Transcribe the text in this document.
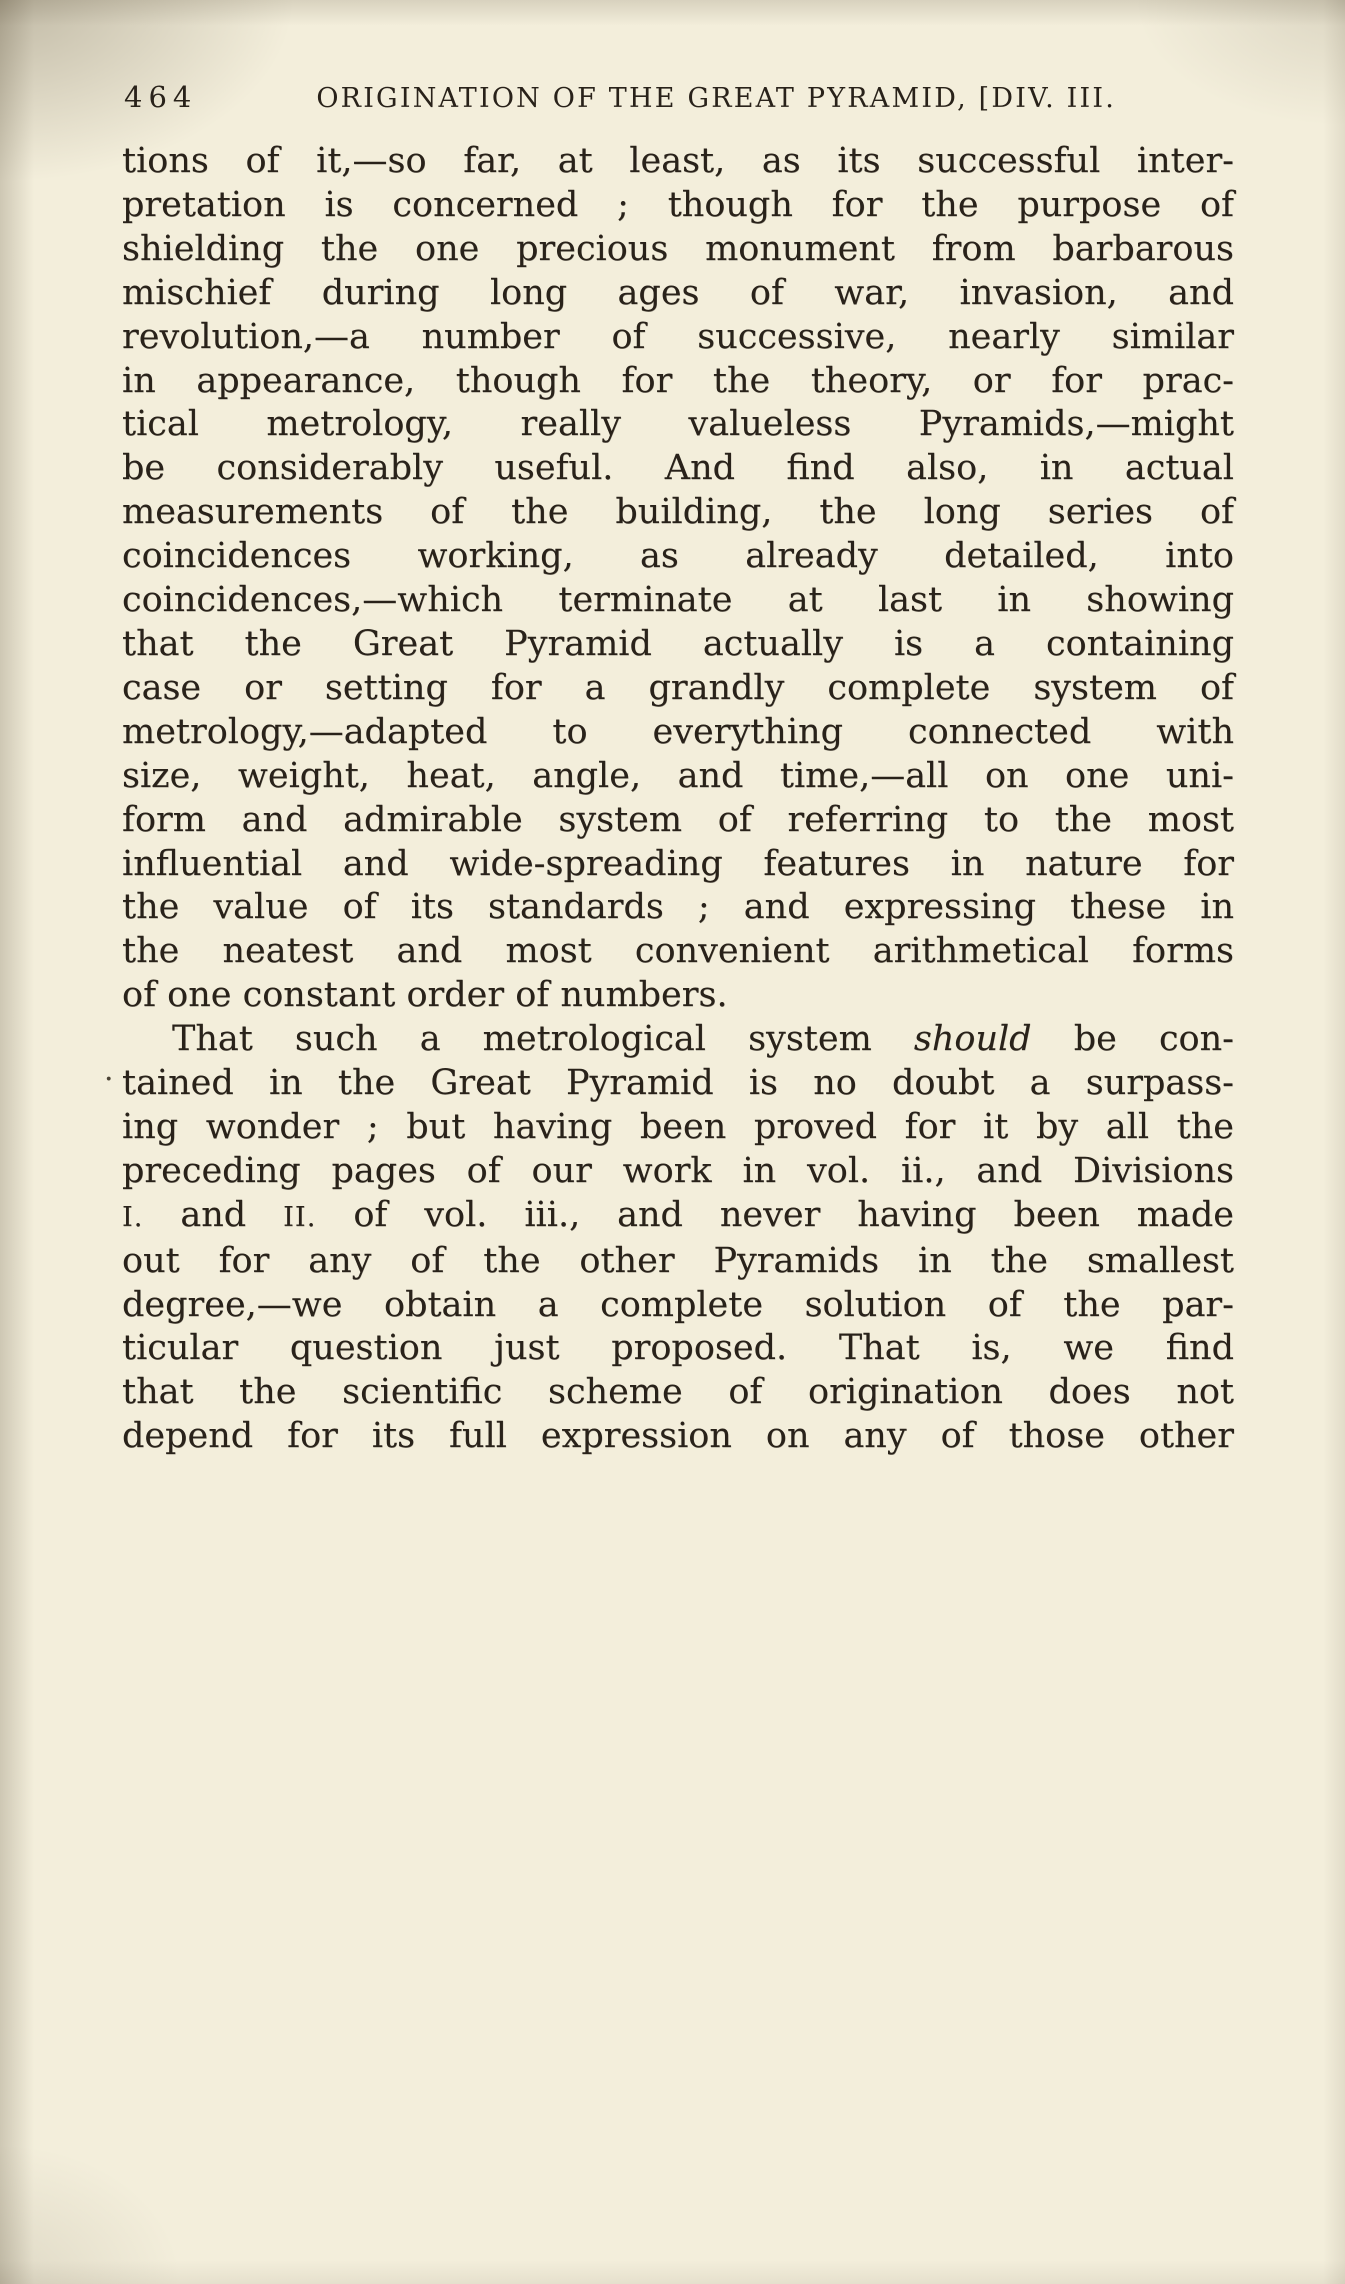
464	ORIGINATION OF THE GREAT PYRAMID, [DIV. III.
tions of it,—so far, at least, as its successful inter-
pretation is concerned ; though for the purpose of
shielding the one precious monument from barbarous
mischief during long ages of war, invasion, and
revolution,—a number of successive, nearly similar
in appearance, though for the theory, or for prac-
tical metrology, really valueless Pyramids,—might
be considerably useful. And find also, in actual
measurements of the building, the long series of
coincidences working, as already detailed, into
coincidences,—which terminate at last in showing
that the Great Pyramid actually is a containing
case or setting for a grandly complete system of
metrology,—adapted to everything connected with
size, weight, heat, angle, and time,—all on one uni-
form and admirable system of referring to the most
influential and wide-spreading features in nature for
the value of its standards ; and expressing these in
the neatest and most convenient arithmetical forms
of one constant order of numbers.
That such a metrological system should be con-
tained in the Great Pyramid is no doubt a surpass-
ing wonder ; but having been proved for it by all the
preceding pages of our work in vol. ii., and Divisions
I. and II. of vol. iii., and never having been made
out for any of the other Pyramids in the smallest
degree,—we obtain a complete solution of the par-
ticular question just proposed. That is, we find
that the scientific scheme of origination does not
depend for its full expression on any of those other
·
